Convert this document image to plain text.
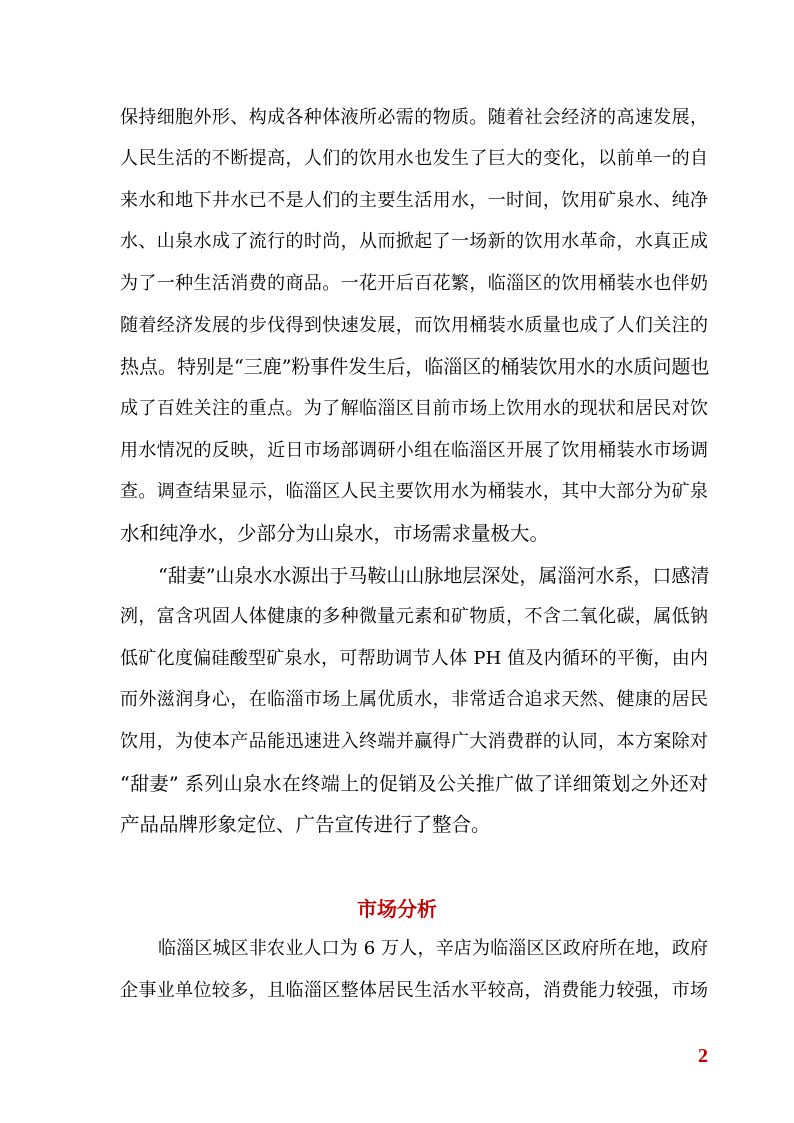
保持细胞外形、构成各种体液所必需的物质。随着社会经济的高速发展，
人民生活的不断提高，人们的饮用水也发生了巨大的变化，以前单一的自
来水和地下井水已不是人们的主要生活用水，一时间，饮用矿泉水、纯净
水、山泉水成了流行的时尚，从而掀起了一场新的饮用水革命，水真正成
为了一种生活消费的商品。一花开后百花繁，临淄区的饮用桶装水也伴奶
随着经济发展的步伐得到快速发展，而饮用桶装水质量也成了人们关注的
热点。特别是“三鹿”粉事件发生后，临淄区的桶装饮用水的水质问题也
成了百姓关注的重点。为了解临淄区目前市场上饮用水的现状和居民对饮
用水情况的反映，近日市场部调研小组在临淄区开展了饮用桶装水市场调
查。调查结果显示，临淄区人民主要饮用水为桶装水，其中大部分为矿泉
水和纯净水，少部分为山泉水，市场需求量极大。
“甜妻”山泉水水源出于马鞍山山脉地层深处，属淄河水系，口感清
洌，富含巩固人体健康的多种微量元素和矿物质，不含二氧化碳，属低钠
低矿化度偏硅酸型矿泉水，可帮助调节人体 PH 值及内循环的平衡，由内
而外滋润身心，在临淄市场上属优质水，非常适合追求天然、健康的居民
饮用，为使本产品能迅速进入终端并赢得广大消费群的认同，本方案除对
“甜妻” 系列山泉水在终端上的促销及公关推广做了详细策划之外还对
产品品牌形象定位、广告宣传进行了整合。
市场分析
临淄区城区非农业人口为 6 万人，辛店为临淄区区政府所在地，政府
企事业单位较多，且临淄区整体居民生活水平较高，消费能力较强，市场
2
